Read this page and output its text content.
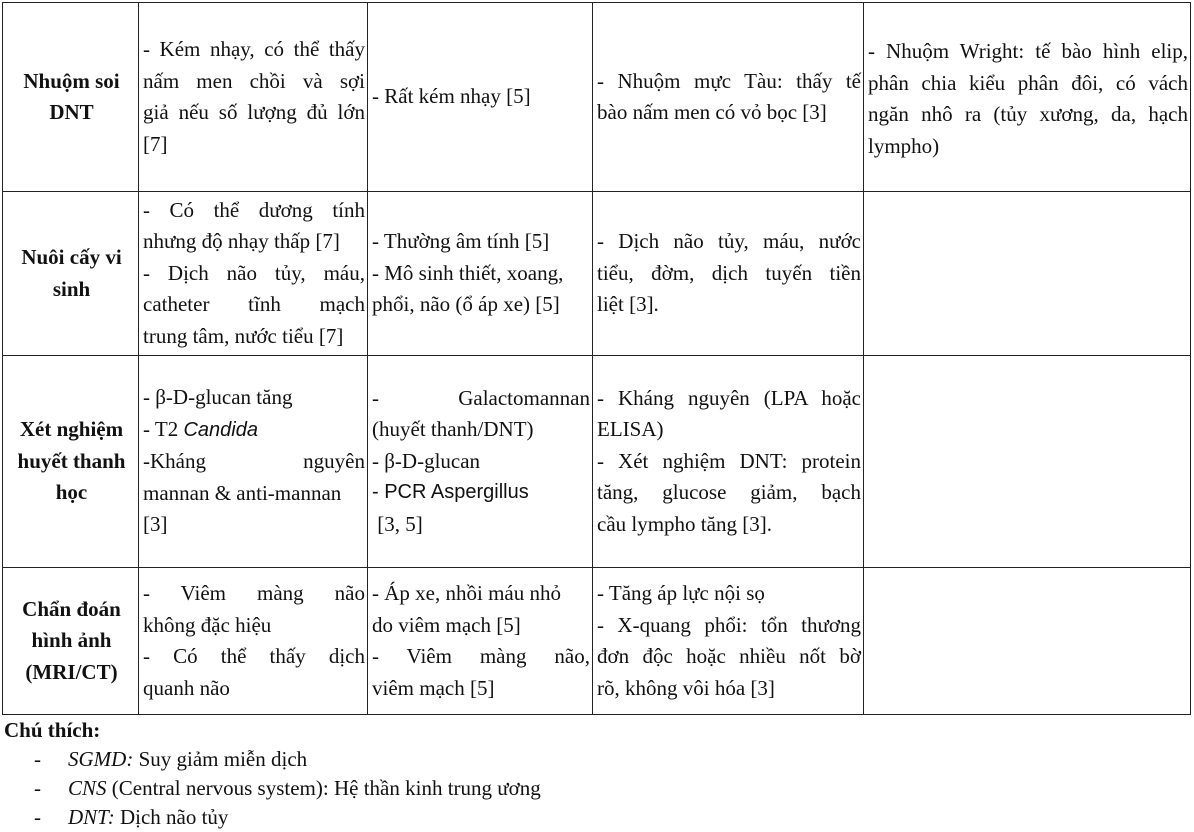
Nhuộm soi
DNT	- Kém nhạy, có thể thấy
nấm men chồi và sợi
giả nếu số lượng đủ lớn
[7]	- Rất kém nhạy [5]	- Nhuộm mực Tàu: thấy tế
bào nấm men có vỏ bọc [3]	- Nhuộm Wright: tế bào hình elip,
phân chia kiểu phân đôi, có vách
ngăn nhô ra (tủy xương, da, hạch
lympho)

Nuôi cấy vi
sinh	- Có thể dương tính
nhưng độ nhạy thấp [7]
- Dịch não tủy, máu,
catheter tĩnh mạch
trung tâm, nước tiểu [7]	- Thường âm tính [5]
- Mô sinh thiết, xoang,
phổi, não (ổ áp xe) [5]	- Dịch não tủy, máu, nước
tiểu, đờm, dịch tuyến tiền
liệt [3].	

Xét nghiệm
huyết thanh
học	- β-D-glucan tăng
- T2 Candida
-Kháng nguyên
mannan & anti-mannan
[3]	- Galactomannan
(huyết thanh/DNT)
- β-D-glucan
- PCR Aspergillus
[3, 5]	- Kháng nguyên (LPA hoặc
ELISA)
- Xét nghiệm DNT: protein
tăng, glucose giảm, bạch
cầu lympho tăng [3].	

Chẩn đoán
hình ảnh
(MRI/CT)	- Viêm màng não
không đặc hiệu
- Có thể thấy dịch
quanh não	- Áp xe, nhồi máu nhỏ
do viêm mạch [5]
- Viêm màng não,
viêm mạch [5]	- Tăng áp lực nội sọ
- X-quang phổi: tổn thương
đơn độc hoặc nhiều nốt bờ
rõ, không vôi hóa [3]	

Chú thích:
- SGMD: Suy giảm miễn dịch
- CNS (Central nervous system): Hệ thần kinh trung ương
- DNT: Dịch não tủy
